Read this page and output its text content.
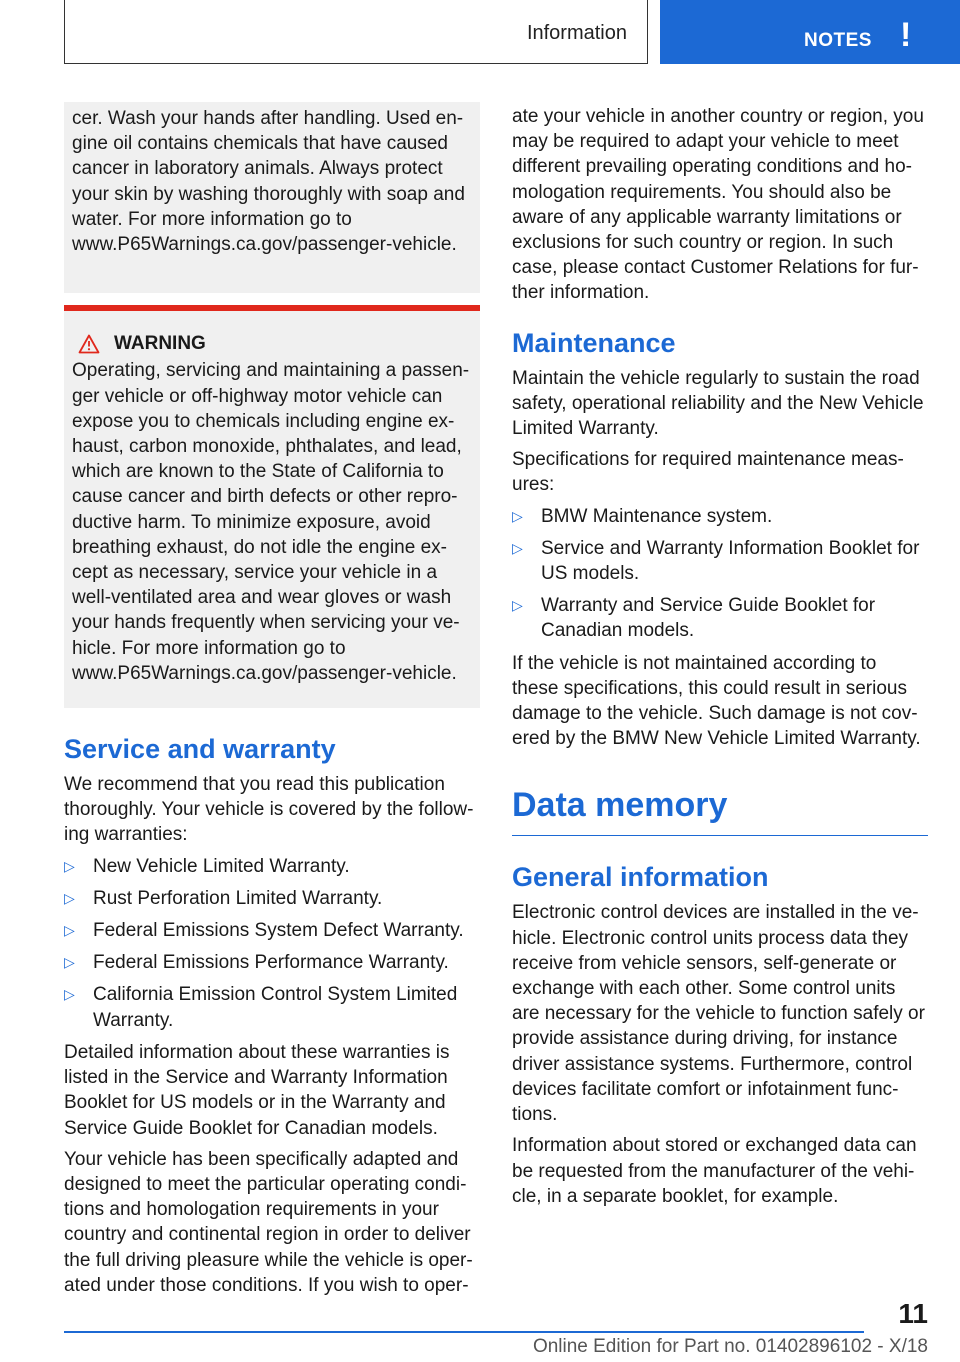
Information	NOTES !

cer. Wash your hands after handling. Used en-gine oil contains chemicals that have caused cancer in laboratory animals. Always protect your skin by washing thoroughly with soap and water. For more information go to www.P65Warnings.ca.gov/passenger-vehicle.

WARNING

Operating, servicing and maintaining a passen-ger vehicle or off-highway motor vehicle can expose you to chemicals including engine ex-haust, carbon monoxide, phthalates, and lead, which are known to the State of California to cause cancer and birth defects or other repro-ductive harm. To minimize exposure, avoid breathing exhaust, do not idle the engine ex-cept as necessary, service your vehicle in a well-ventilated area and wear gloves or wash your hands frequently when servicing your ve-hicle. For more information go to www.P65Warnings.ca.gov/passenger-vehicle.

Service and warranty

We recommend that you read this publication thoroughly. Your vehicle is covered by the follow-ing warranties:

▷ New Vehicle Limited Warranty.
▷ Rust Perforation Limited Warranty.
▷ Federal Emissions System Defect Warranty.
▷ Federal Emissions Performance Warranty.
▷ California Emission Control System Limited Warranty.

Detailed information about these warranties is listed in the Service and Warranty Information Booklet for US models or in the Warranty and Service Guide Booklet for Canadian models.

Your vehicle has been specifically adapted and designed to meet the particular operating condi-tions and homologation requirements in your country and continental region in order to deliver the full driving pleasure while the vehicle is oper-ated under those conditions. If you wish to oper-

ate your vehicle in another country or region, you may be required to adapt your vehicle to meet different prevailing operating conditions and ho-mologation requirements. You should also be aware of any applicable warranty limitations or exclusions for such country or region. In such case, please contact Customer Relations for fur-ther information.

Maintenance

Maintain the vehicle regularly to sustain the road safety, operational reliability and the New Vehicle Limited Warranty.

Specifications for required maintenance meas-ures:

▷ BMW Maintenance system.
▷ Service and Warranty Information Booklet for US models.
▷ Warranty and Service Guide Booklet for Canadian models.

If the vehicle is not maintained according to these specifications, this could result in serious damage to the vehicle. Such damage is not cov-ered by the BMW New Vehicle Limited Warranty.

Data memory
General information

Electronic control devices are installed in the ve-hicle. Electronic control units process data they receive from vehicle sensors, self-generate or exchange with each other. Some control units are necessary for the vehicle to function safely or provide assistance during driving, for instance driver assistance systems. Furthermore, control devices facilitate comfort or infotainment func-tions.

Information about stored or exchanged data can be requested from the manufacturer of the vehi-cle, in a separate booklet, for example.

11
Online Edition for Part no. 01402896102 - X/18
